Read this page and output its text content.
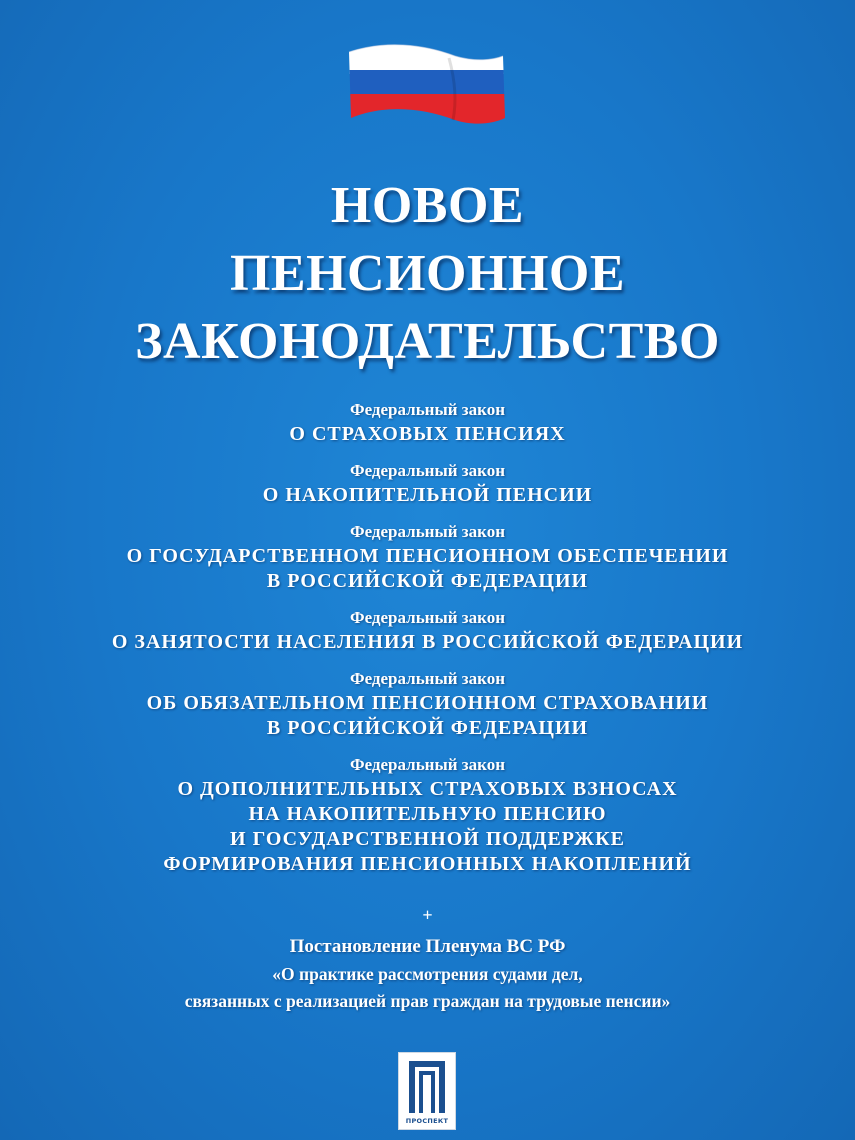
НОВОЕ
ПЕНСИОННОЕ
ЗАКОНОДАТЕЛЬСТВО
Федеральный закон
О СТРАХОВЫХ ПЕНСИЯХ
Федеральный закон
О НАКОПИТЕЛЬНОЙ ПЕНСИИ
Федеральный закон
О ГОСУДАРСТВЕННОМ ПЕНСИОННОМ ОБЕСПЕЧЕНИИ
В РОССИЙСКОЙ ФЕДЕРАЦИИ
Федеральный закон
О ЗАНЯТОСТИ НАСЕЛЕНИЯ В РОССИЙСКОЙ ФЕДЕРАЦИИ
Федеральный закон
ОБ ОБЯЗАТЕЛЬНОМ ПЕНСИОННОМ СТРАХОВАНИИ
В РОССИЙСКОЙ ФЕДЕРАЦИИ
Федеральный закон
О ДОПОЛНИТЕЛЬНЫХ СТРАХОВЫХ ВЗНОСАХ
НА НАКОПИТЕЛЬНУЮ ПЕНСИЮ
И ГОСУДАРСТВЕННОЙ ПОДДЕРЖКЕ
ФОРМИРОВАНИЯ ПЕНСИОННЫХ НАКОПЛЕНИЙ
+
Постановление Пленума ВС РФ
«О практике рассмотрения судами дел,
связанных с реализацией прав граждан на трудовые пенсии»
ПРОСПЕКТ
